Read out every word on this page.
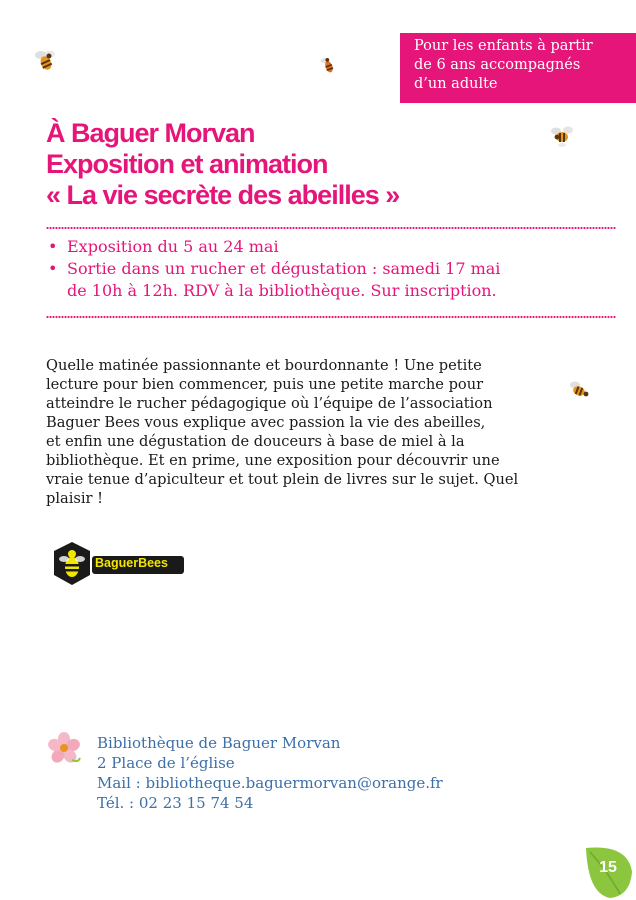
Pour les enfants à partir
de 6 ans accompagnés
d’un adulte
À Baguer Morvan
Exposition et animation
« La vie secrète des abeilles »
• Exposition du 5 au 24 mai
• Sortie dans un rucher et dégustation : samedi 17 mai
de 10h à 12h. RDV à la bibliothèque. Sur inscription.
Quelle matinée passionnante et bourdonnante ! Une petite
lecture pour bien commencer, puis une petite marche pour
atteindre le rucher pédagogique où l’équipe de l’association
Baguer Bees vous explique avec passion la vie des abeilles,
et enfin une dégustation de douceurs à base de miel à la
bibliothèque. Et en prime, une exposition pour découvrir une
vraie tenue d’apiculteur et tout plein de livres sur le sujet. Quel
plaisir !
BaguerBees
Bibliothèque de Baguer Morvan
2 Place de l’église
Mail : bibliotheque.baguermorvan@orange.fr
Tél. : 02 23 15 74 54
15
